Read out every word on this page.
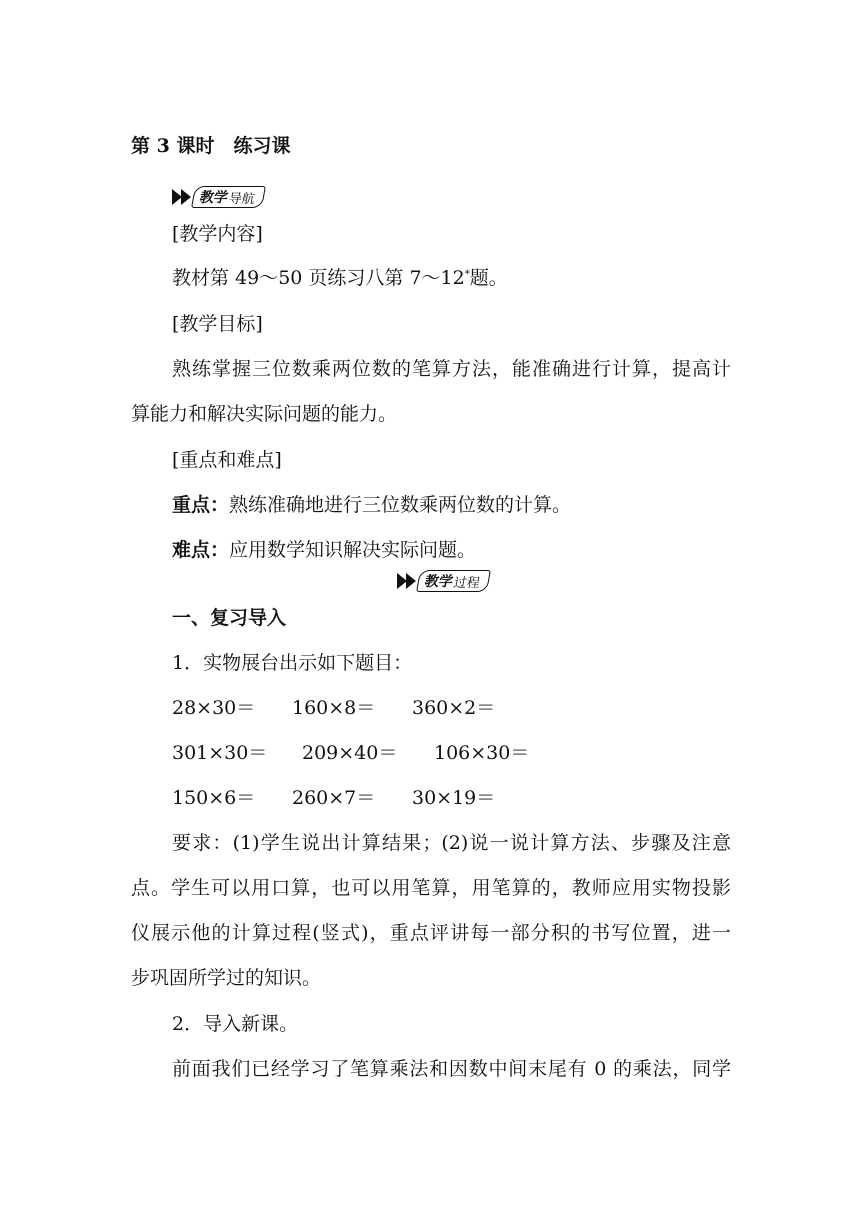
第 3 课时　练习课
教学
导航
[教学内容]
教材第 49～50 页练习八第 7～12*题。
[教学目标]
熟练掌握三位数乘两位数的笔算方法，能准确进行计算，提高计
算能力和解决实际问题的能力。
[重点和难点]
重点：熟练准确地进行三位数乘两位数的计算。
难点：应用数学知识解决实际问题。
教学
过程
一、复习导入
1．实物展台出示如下题目：
28×30＝ 160×8＝ 360×2＝
301×30＝ 209×40＝ 106×30＝
150×6＝ 260×7＝ 30×19＝
要求：(1)学生说出计算结果；(2)说一说计算方法、步骤及注意
点。学生可以用口算，也可以用笔算，用笔算的，教师应用实物投影
仪展示他的计算过程(竖式)，重点评讲每一部分积的书写位置，进一
步巩固所学过的知识。
2．导入新课。
前面我们已经学习了笔算乘法和因数中间末尾有 0 的乘法，同学
